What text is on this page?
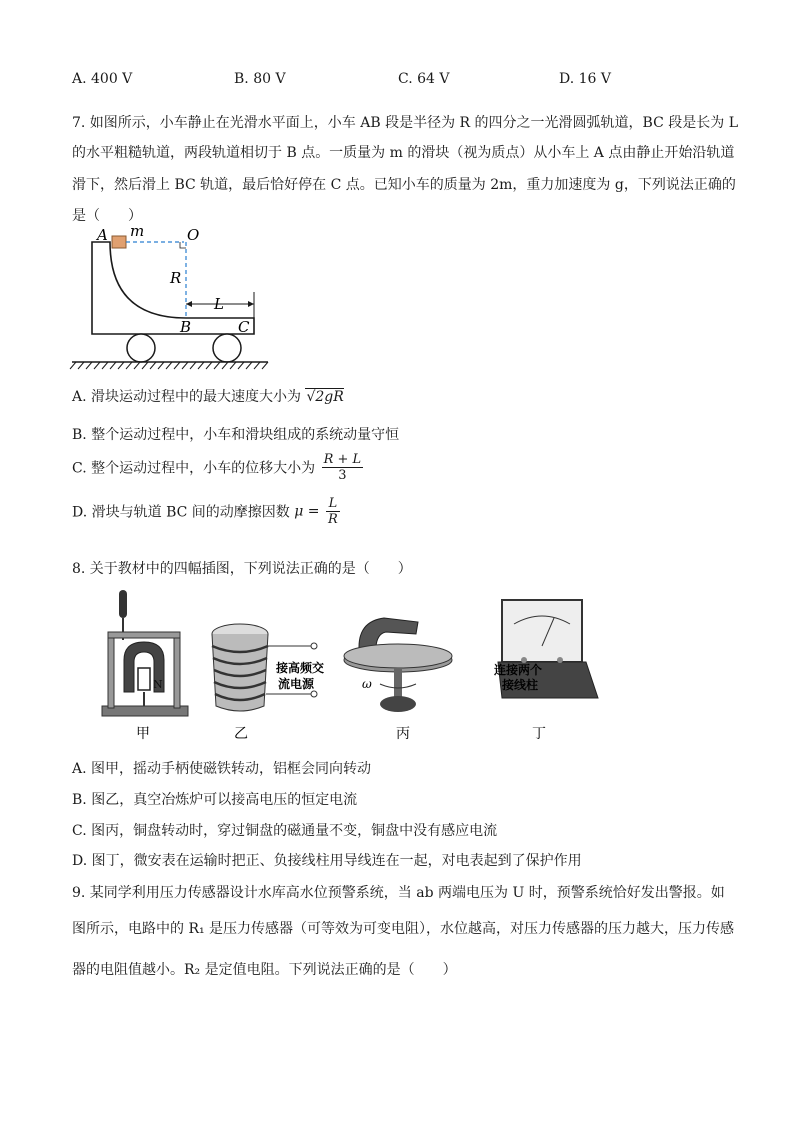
A. 400 V	B. 80 V	C. 64 V	D. 16 V
7. 如图所示，小车静止在光滑水平面上，小车 AB 段是半径为 R 的四分之一光滑圆弧轨道，BC 段是长为 L
的水平粗糙轨道，两段轨道相切于 B 点。一质量为 m 的滑块（视为质点）从小车上 A 点由静止开始沿轨道
滑下，然后滑上 BC 轨道，最后恰好停在 C 点。已知小车的质量为 2m，重力加速度为 g，下列说法正确的
是（　　）
A m	O
R
L
B	C
A. 滑块运动过程中的最大速度大小为 √2gR
B. 整个运动过程中，小车和滑块组成的系统动量守恒
C. 整个运动过程中，小车的位移大小为 $\frac{R + L}{3}$
D. 滑块与轨道 BC 间的动摩擦因数 $\mu = \frac{L}{R}$
8. 关于教材中的四幅插图，下列说法正确的是（　　）
N
接高频交
流电源	ω
连接两个
接线柱
甲	乙	丙	丁
A. 图甲，摇动手柄使磁铁转动，铝框会同向转动
B. 图乙，真空冶炼炉可以接高电压的恒定电流
C. 图丙，铜盘转动时，穿过铜盘的磁通量不变，铜盘中没有感应电流
D. 图丁，微安表在运输时把正、负接线柱用导线连在一起，对电表起到了保护作用
9. 某同学利用压力传感器设计水库高水位预警系统，当 ab 两端电压为 U 时，预警系统恰好发出警报。如
图所示，电路中的 R₁ 是压力传感器（可等效为可变电阻），水位越高，对压力传感器的压力越大，压力传感
器的电阻值越小。R₂ 是定值电阻。下列说法正确的是（　　）
